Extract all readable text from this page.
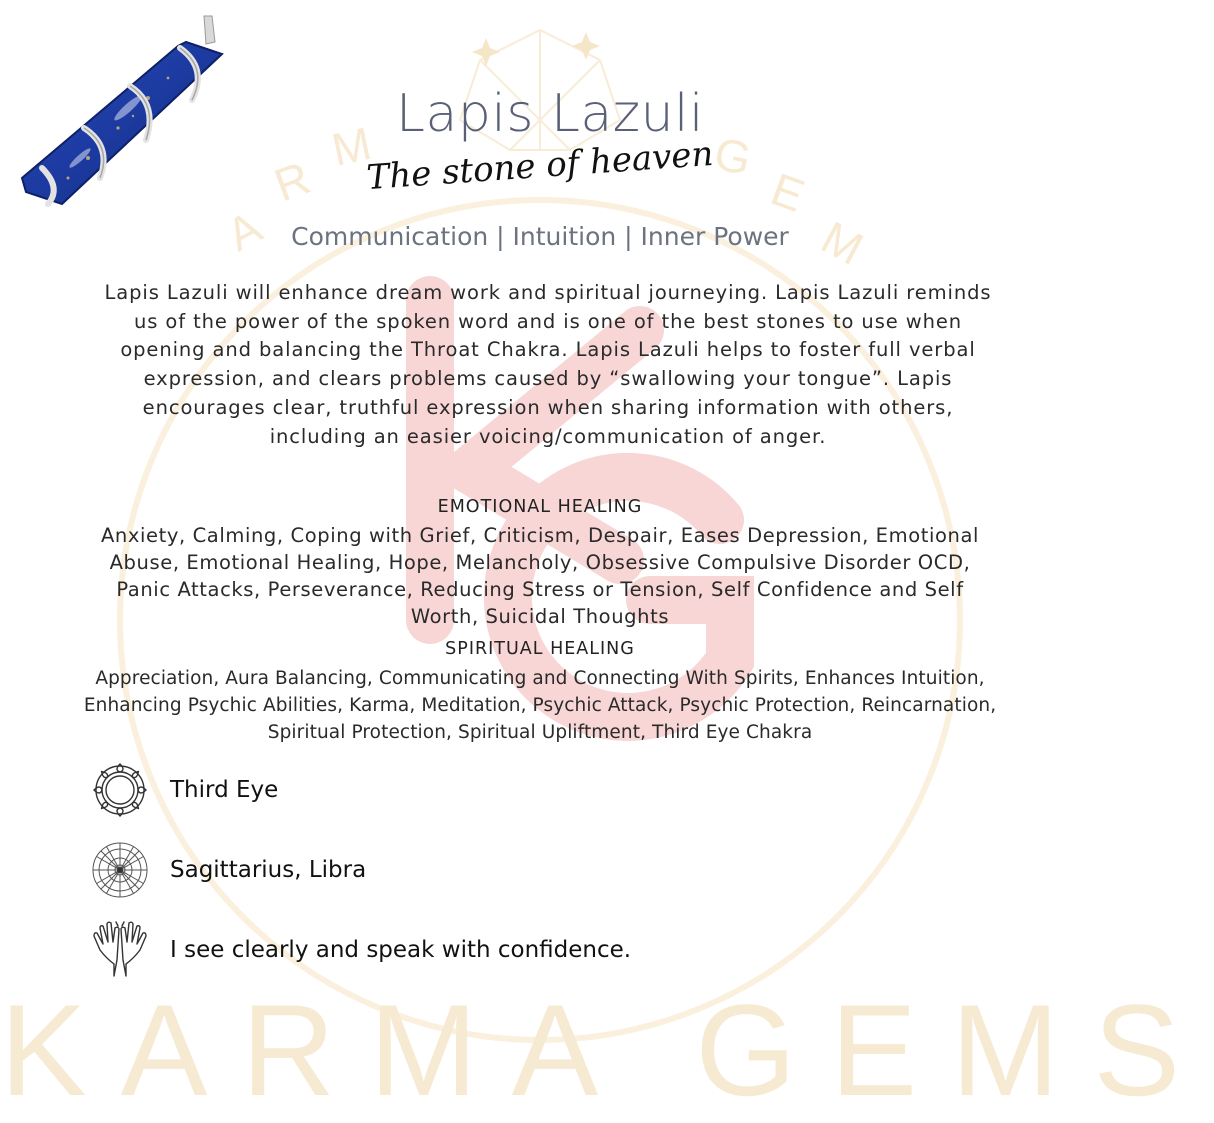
A
R
M	G
E
M
KARMA GEMS
Lapis Lazuli
The stone of heaven
Communication | Intuition | Inner Power

Lapis Lazuli will enhance dream work and spiritual journeying. Lapis Lazuli reminds us of the power of the spoken word and is one of the best stones to use when opening and balancing the Throat Chakra. Lapis Lazuli helps to foster full verbal expression, and clears problems caused by “swallowing your tongue”. Lapis encourages clear, truthful expression when sharing information with others, including an easier voicing/communication of anger.

EMOTIONAL HEALING

Anxiety, Calming, Coping with Grief, Criticism, Despair, Eases Depression, Emotional Abuse, Emotional Healing, Hope, Melancholy, Obsessive Compulsive Disorder OCD, Panic Attacks, Perseverance, Reducing Stress or Tension, Self Confidence and Self Worth, Suicidal Thoughts

SPIRITUAL HEALING

Appreciation, Aura Balancing, Communicating and Connecting With Spirits, Enhances Intuition, Enhancing Psychic Abilities, Karma, Meditation, Psychic Attack, Psychic Protection, Reincarnation, Spiritual Protection, Spiritual Upliftment, Third Eye Chakra

Third Eye
Sagittarius, Libra
I see clearly and speak with confidence.
